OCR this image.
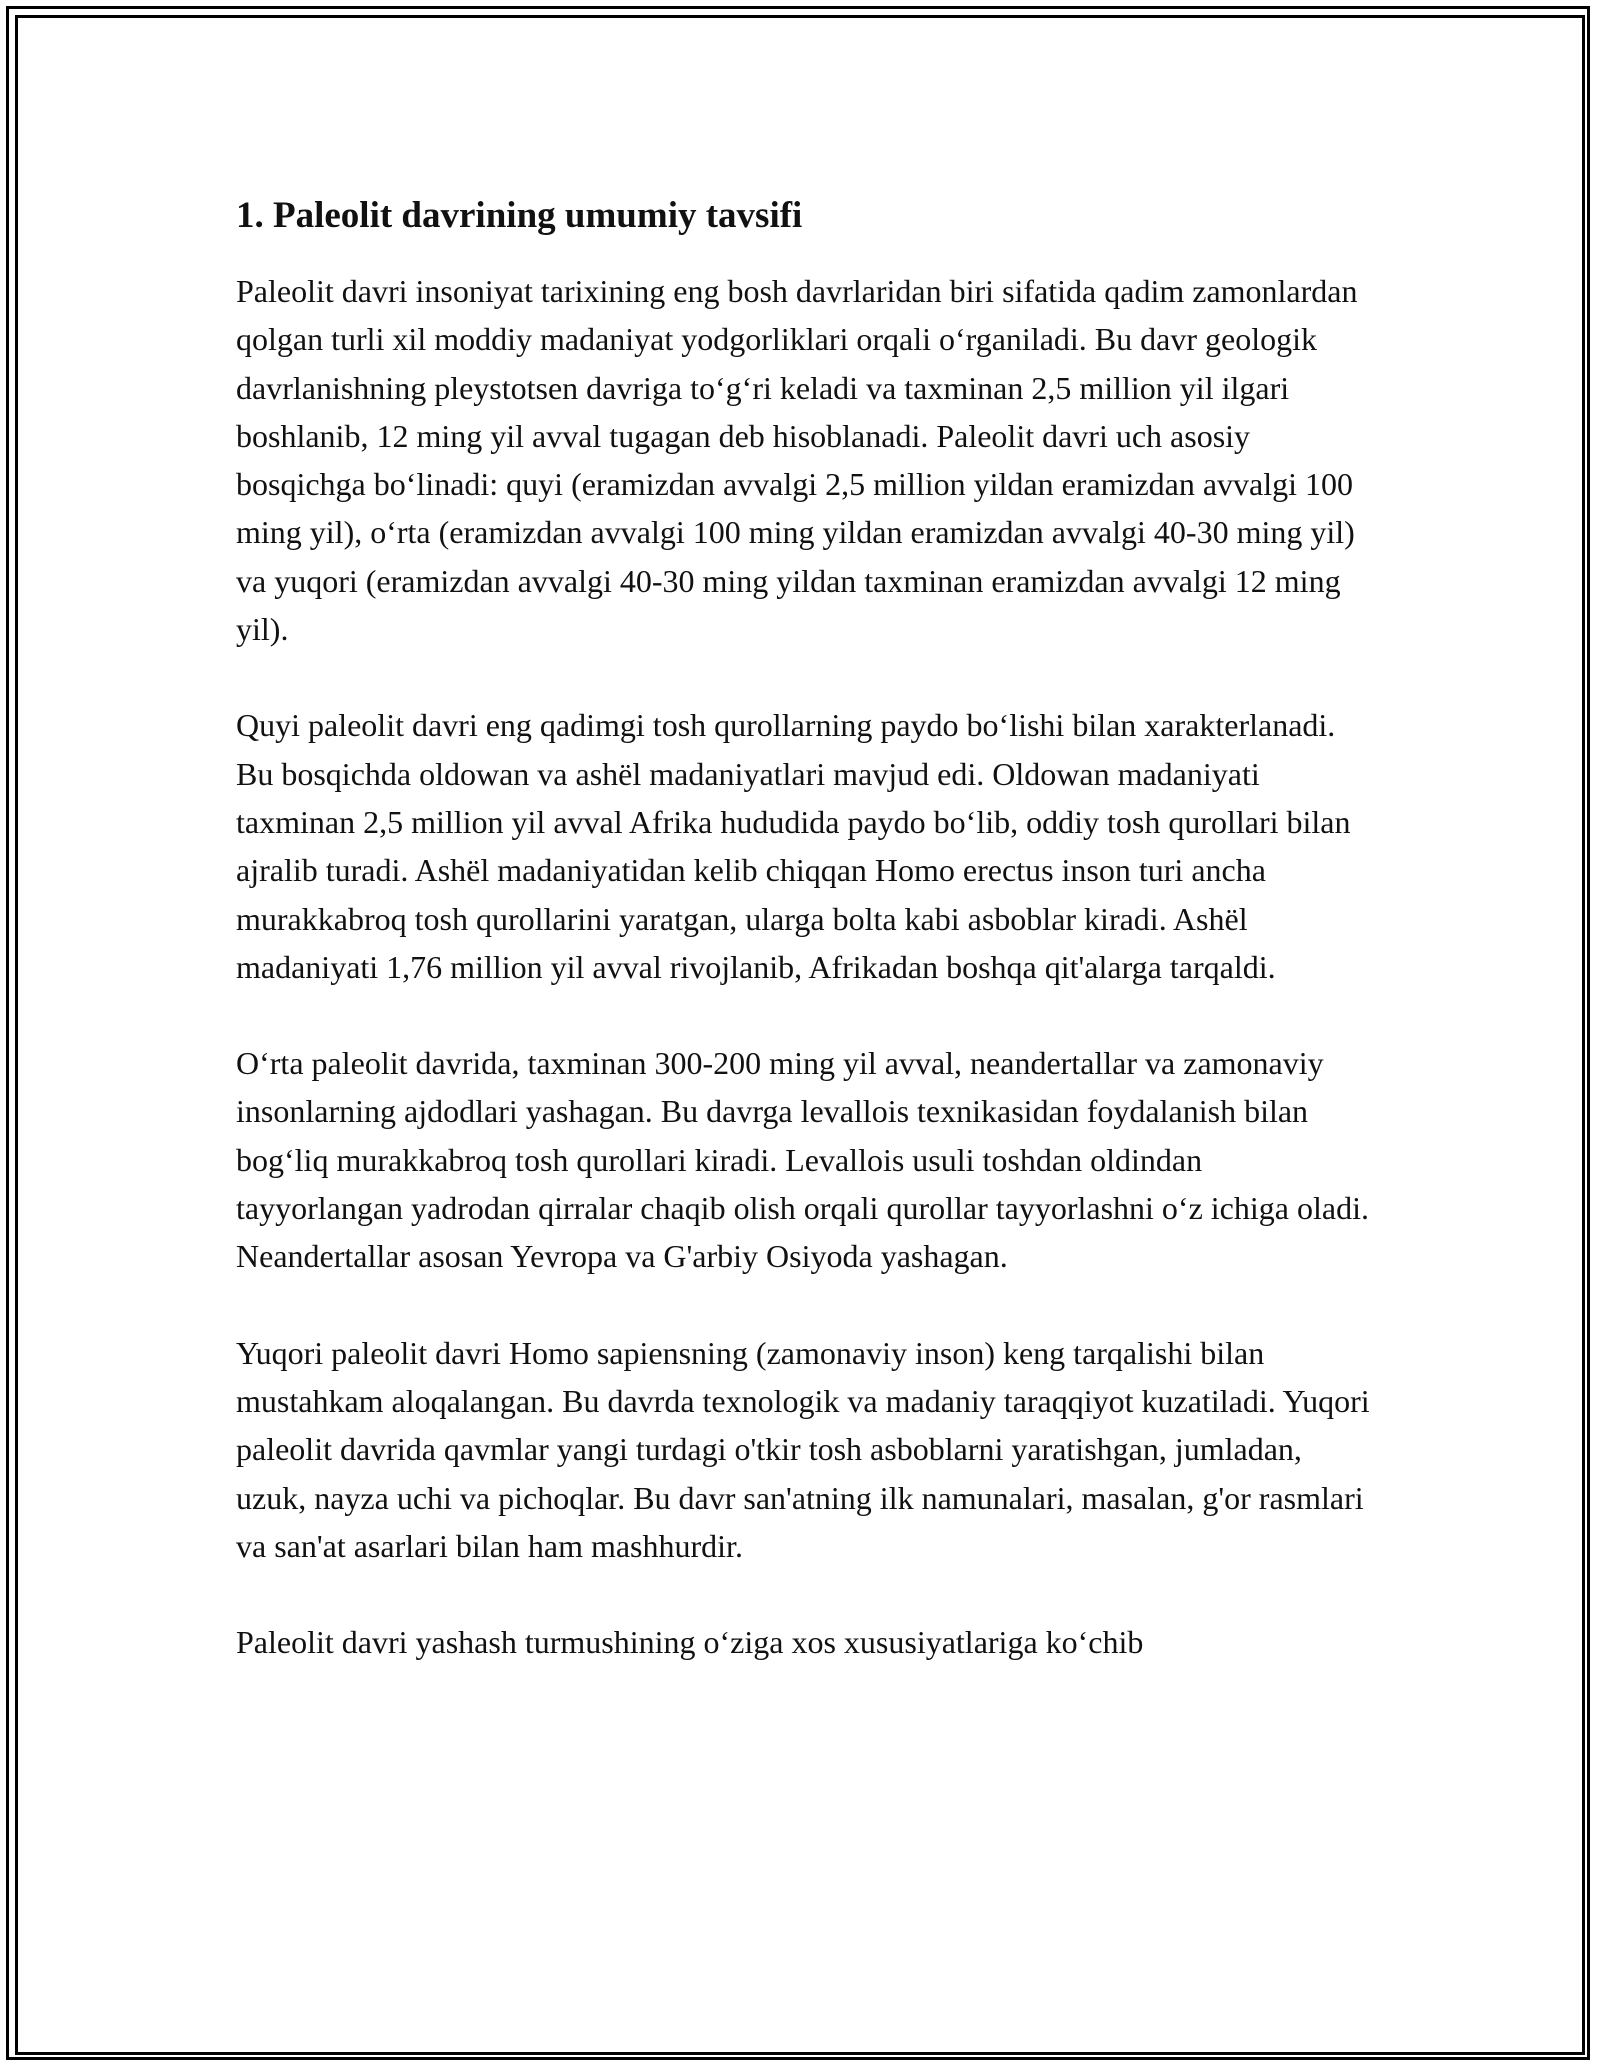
1. Paleolit davrining umumiy tavsifi

Paleolit davri insoniyat tarixining eng bosh davrlaridan biri sifatida qadim zamonlardan qolgan turli xil moddiy madaniyat yodgorliklari orqali o‘rganiladi. Bu davr geologik davrlanishning pleystotsen davriga to‘g‘ri keladi va taxminan 2,5 million yil ilgari boshlanib, 12 ming yil avval tugagan deb hisoblanadi. Paleolit davri uch asosiy bosqichga bo‘linadi: quyi (eramizdan avvalgi 2,5 million yildan eramizdan avvalgi 100 ming yil), o‘rta (eramizdan avvalgi 100 ming yildan eramizdan avvalgi 40-30 ming yil) va yuqori (eramizdan avvalgi 40-30 ming yildan taxminan eramizdan avvalgi 12 ming yil).

Quyi paleolit davri eng qadimgi tosh qurollarning paydo bo‘lishi bilan xarakterlanadi. Bu bosqichda oldowan va ashël madaniyatlari mavjud edi. Oldowan madaniyati taxminan 2,5 million yil avval Afrika hududida paydo bo‘lib, oddiy tosh qurollari bilan ajralib turadi. Ashël madaniyatidan kelib chiqqan Homo erectus inson turi ancha murakkabroq tosh qurollarini yaratgan, ularga bolta kabi asboblar kiradi. Ashël madaniyati 1,76 million yil avval rivojlanib, Afrikadan boshqa qit'alarga tarqaldi.

O‘rta paleolit davrida, taxminan 300-200 ming yil avval, neandertallar va zamonaviy insonlarning ajdodlari yashagan. Bu davrga levallois texnikasidan foydalanish bilan bog‘liq murakkabroq tosh qurollari kiradi. Levallois usuli toshdan oldindan tayyorlangan yadrodan qirralar chaqib olish orqali qurollar tayyorlashni o‘z ichiga oladi. Neandertallar asosan Yevropa va G'arbiy Osiyoda yashagan.

Yuqori paleolit davri Homo sapiensning (zamonaviy inson) keng tarqalishi bilan mustahkam aloqalangan. Bu davrda texnologik va madaniy taraqqiyot kuzatiladi. Yuqori paleolit davrida qavmlar yangi turdagi o'tkir tosh asboblarni yaratishgan, jumladan, uzuk, nayza uchi va pichoqlar. Bu davr san'atning ilk namunalari, masalan, g'or rasmlari va san'at asarlari bilan ham mashhurdir.

Paleolit davri yashash turmushining o‘ziga xos xususiyatlariga ko‘chib
